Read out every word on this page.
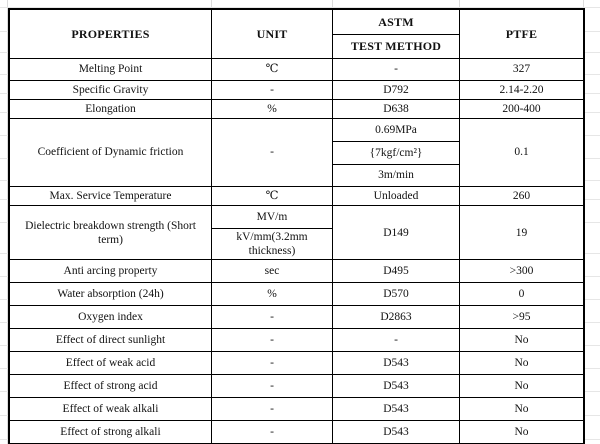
PROPERTIES	UNIT	ASTM	PTFE
		TEST METHOD	
Melting Point	℃	-	327
Specific Gravity	-	D792	2.14-2.20
Elongation	%	D638	200-400
Coefficient of Dynamic friction	-	0.69MPa	0.1
		{7kgf/cm²}	
		3m/min	
Max. Service Temperature	℃	Unloaded	260
Dielectric breakdown strength (Short term)	MV/m	D149	19
	kV/mm(3.2mm thickness)		
Anti arcing property	sec	D495	>300
Water absorption (24h)	%	D570	0
Oxygen index	-	D2863	>95
Effect of direct sunlight	-	-	No
Effect of weak acid	-	D543	No
Effect of strong acid	-	D543	No
Effect of weak alkali	-	D543	No
Effect of strong alkali	-	D543	No
